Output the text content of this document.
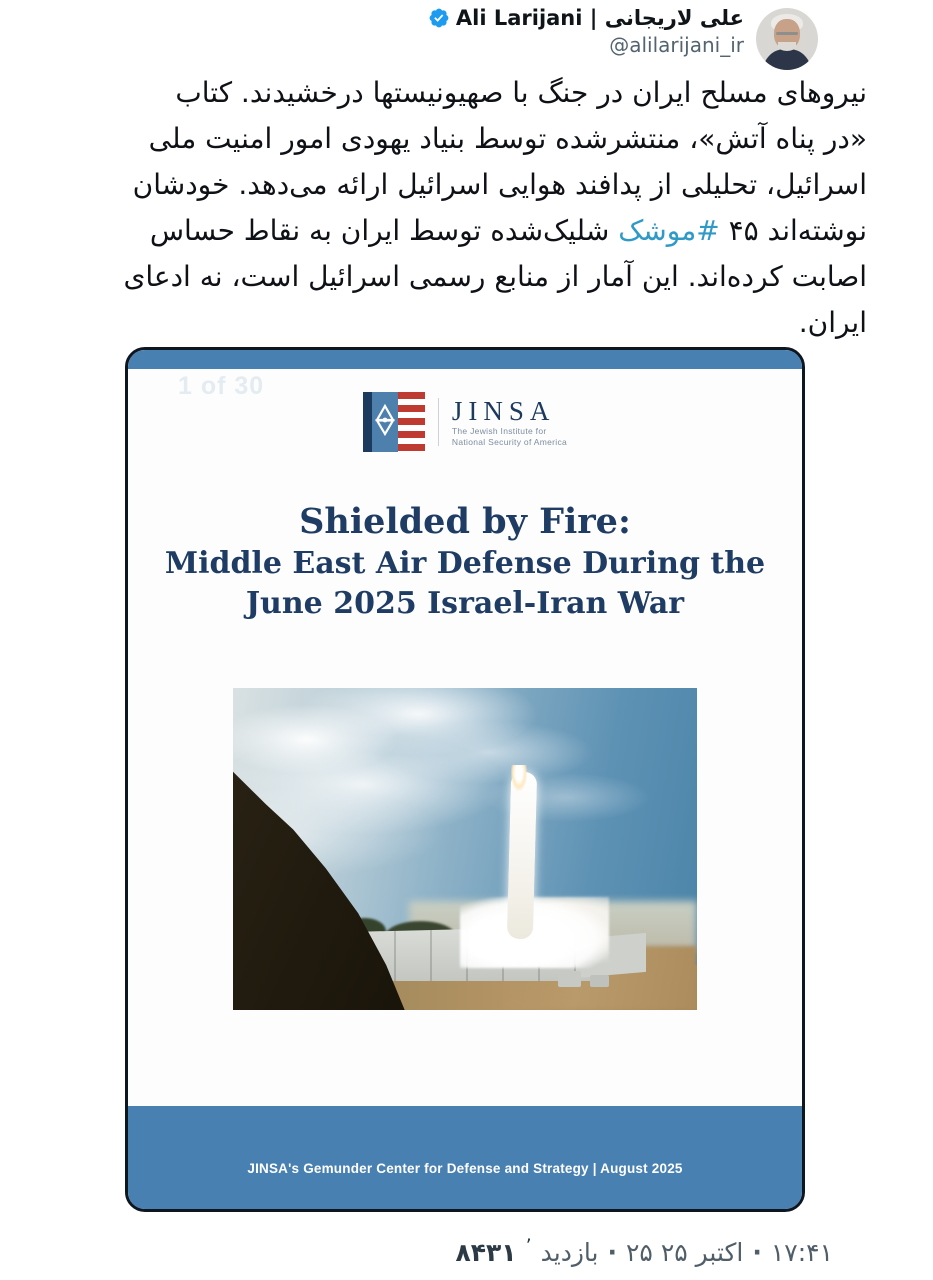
علی لاریجانی | Ali Larijani
@alilarijani_ir
نیروهای مسلح ایران در جنگ با صهیونیستها درخشیدند. کتاب
«در پناه آتش»، منتشرشده توسط بنیاد یهودی امور امنیت ملی
اسرائیل، تحلیلی از پدافند هوایی اسرائیل ارائه می‌دهد. خودشان
نوشته‌اند ۴۵ #موشک شلیک‌شده توسط ایران به نقاط حساس
اصابت کرده‌اند. این آمار از منابع رسمی اسرائیل است، نه ادعای
ایران.
1 of 30
JINSA
The Jewish Institute for
National Security of America
Shielded by Fire:
Middle East Air Defense During the
June 2025 Israel-Iran War
JINSA's Gemunder Center for Defense and Strategy | August 2025
۸۴۳۱ ’ بازدید · ۲۵ اکتبر ۲۵ · ۱۷:۴۱
